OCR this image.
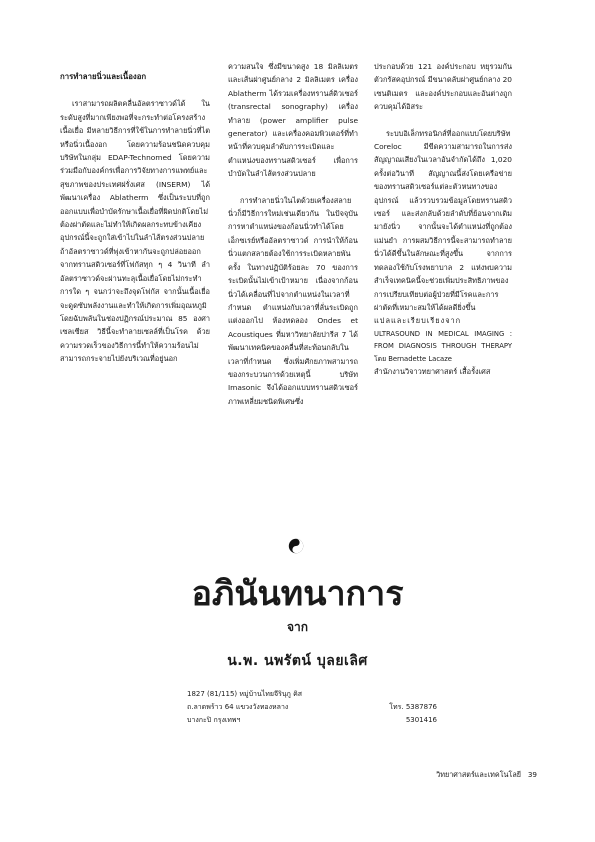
การทำลายนิ่วและเนื้องอก

เราสามารถผลิตคลื่นอัลตราซาวด์ได้ ในระดับสูงที่มากเพียงพอที่จะกระทำต่อโครงสร้างเนื้อเยื่อ มีหลายวิธีการที่ใช้ในการทำลายนิ่วที่ไตหรือนิ่วเนื้องอก โดยความร้อนชนิดควบคุม บริษัทในกลุ่ม EDAP-Technomed โดยความร่วมมือกับองค์กรเพื่อการวิจัยทางการแพทย์และสุขภาพของประเทศฝรั่งเศส (INSERM) ได้พัฒนาเครื่อง Ablatherm ซึ่งเป็นระบบที่ถูกออกแบบเพื่อบำบัดรักษาเนื้อเยื่อที่ผิดปกติโดยไม่ต้องผ่าตัดและไม่ทำให้เกิดผลกระทบข้างเคียง อุปกรณ์นี้จะถูกใส่เข้าไปในลำไส้ตรงส่วนปลาย ถ้าอัลตราซาวด์ที่พุ่งเข้าหากันจะถูกปล่อยออกจากทรานสดิวเซอร์ที่โฟกัสทุก ๆ 4 วินาที ลำอัลตราซาวด์จะผ่านทะลุเนื้อเยื่อโดยไม่กระทำการใด ๆ จนกว่าจะถึงจุดโฟกัส จากนั้นเนื้อเยื่อจะดูดซับพลังงานและทำให้เกิดการเพิ่มอุณหภูมิโดยฉับพลันในช่องปฏิกรณ์ประมาณ 85 องศาเซลเซียส วิธีนี้จะทำลายเซลล์ที่เป็นโรค ด้วยความรวดเร็วของวิธีการนี้ทำให้ความร้อนไม่สามารถกระจายไปยังบริเวณที่อยู่นอก

ความสนใจ ซึ่งมีขนาดสูง 18 มิลลิเมตร และเส้นผ่าศูนย์กลาง 2 มิลลิเมตร เครื่อง Ablatherm ได้รวมเครื่องทรานส์ดิวเซอร์ (transrectal sonography) เครื่องทำลาย (power amplifier pulse generator) และเครื่องคอมพิวเตอร์ที่ทำหน้าที่ควบคุมลำดับการระเบิดและตำแหน่งของทรานสดิวเซอร์ เพื่อการบำบัดในลำไส้ตรงส่วนปลาย

การทำลายนิ่วในไตด้วยเครื่องสลายนิ่วก็มีวิธีการใหม่เช่นเดียวกัน ในปัจจุบันการหาตำแหน่งของก้อนนิ่วทำได้โดยเอ็กซเรย์หรืออัลตราซาวด์ การนำให้ก้อนนิ่วแตกสลายต้องใช้การระเบิดหลายพันครั้ง ในทางปฏิบัติร้อยละ 70 ของการระเบิดนั้นไม่เข้าเป้าหมาย เนื่องจากก้อนนิ่วได้เคลื่อนที่ไปจากตำแหน่งในเวลาที่กำหนด ตำแหน่งกับเวลาที่ลั่นระเบิดถูกแต่งออกไป ห้องทดลอง Ondes et Acoustiques ที่มหาวิทยาลัยปารีส 7 ได้พัฒนาเทคนิคของคลื่นที่สะท้อนกลับในเวลาที่กำหนด ซึ่งเพิ่มศักยภาพสามารถของกระบวนการด้วยเหตุนี้ บริษัท Imasonic จึงได้ออกแบบทรานสดิวเซอร์ภาพเหลี่ยมชนิดพิเศษซึ่ง

ประกอบด้วย 121 องค์ประกอบ หยุรวมกันตัวกรัสคอุปกรณ์ มีขนาดลับผ่าศูนย์กลาง 20 เซนติเมตร และองค์ประกอบและอันต่างถูกควบคุมได้อิสระ

ระบบอิเล็กทรอนิกส์ที่ออกแบบโดยบริษัท Coreloc มีขีดความสามารถในการส่งสัญญาณเสียงในเวลาอันจำกัดได้ถึง 1,020 ครั้งต่อวินาที สัญญาณนี้ส่งโดยเครือข่ายของทรานสดิวเซอร์แต่ละตัวหนทางของอุปกรณ์ แล้วรวบรวมข้อมูลโดยทรานสดิวเซอร์ และส่งกลับด้วยลำดับที่ย้อนจากเดิมมายังนิ่ว จากนั้นจะได้ตำแหน่งที่ถูกต้องแม่นยำ การผสมวิธีการนี้จะสามารถทำลายนิ่วได้ดีขึ้นในลักษณะที่สูงขึ้น จากการทดลองใช้กับโรงพยาบาล 2 แห่งพบความสำเร็จเทคนิคนี้จะช่วยเพิ่มประสิทธิภาพของการเปรียบเทียบต่อผู้ป่วยที่มีโรคและการผ่าตัดที่เหมาะสมให้ได้ผลดียิ่งขึ้น

แปลและเรียบเรียงจาก

ULTRASOUND IN MEDICAL IMAGING : FROM DIAGNOSIS THROUGH THERAPY โดย Bernadette Lacaze

สำนักงานวิจาวทยาศาสตร์ เสื้อรั้งเศส

อภินันทนาการ
จาก
น.พ. นพรัตน์ บุลยเลิศ
1827 (81/115) หมู่บ้านไทยจีรินุกู คิส
ถ.ลาดพร้าว 64 แขวงวังทองหลาง	โทร. 5387876
บางกะปิ กรุงเทพฯ	5301416
วิทยาศาสตร์และเทคโนโลยี 39
